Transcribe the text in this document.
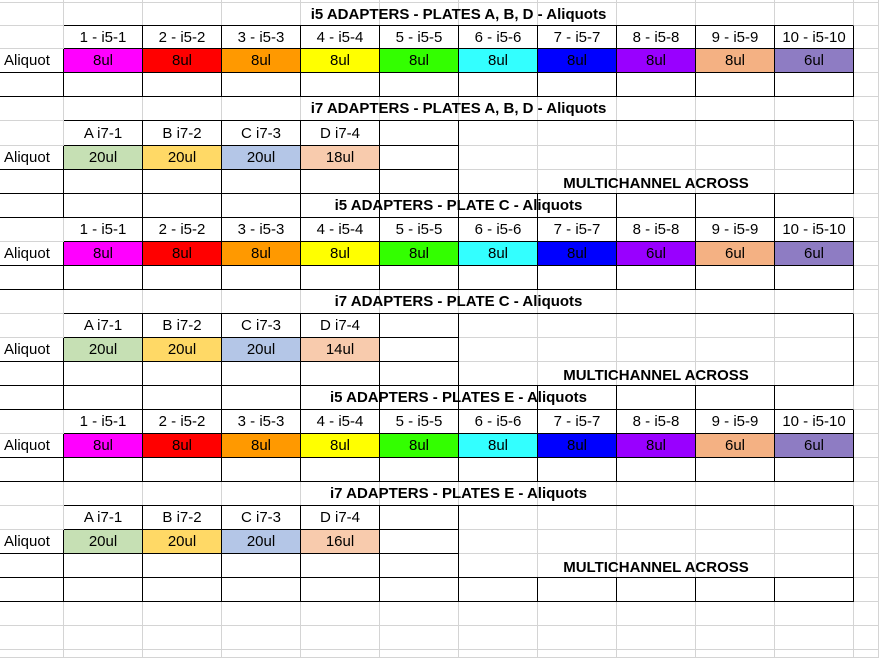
i5 ADAPTERS - PLATES A, B, D - Aliquots
1 - i5-1 2 - i5-2 3 - i5-3 4 - i5-4 5 - i5-5 6 - i5-6 7 - i5-7 8 - i5-8 9 - i5-9 10 - i5-10
Aliquot	8ul	8ul	8ul	8ul	8ul	8ul	8ul	8ul	8ul	6ul
i7 ADAPTERS - PLATES A, B, D - Aliquots
A i7-1	B i7-2	C i7-3	D i7-4
Aliquot	20ul	20ul	20ul	18ul
MULTICHANNEL ACROSS
i5 ADAPTERS - PLATE C - Aliquots
1 - i5-1 2 - i5-2 3 - i5-3 4 - i5-4 5 - i5-5 6 - i5-6 7 - i5-7 8 - i5-8 9 - i5-9 10 - i5-10
Aliquot	8ul	8ul	8ul	8ul	8ul	8ul	8ul	6ul	6ul	6ul
i7 ADAPTERS - PLATE C - Aliquots
A i7-1	B i7-2	C i7-3	D i7-4
Aliquot	20ul	20ul	20ul	14ul
MULTICHANNEL ACROSS
i5 ADAPTERS - PLATES E - Aliquots
1 - i5-1 2 - i5-2 3 - i5-3 4 - i5-4 5 - i5-5 6 - i5-6 7 - i5-7 8 - i5-8 9 - i5-9 10 - i5-10
Aliquot	8ul	8ul	8ul	8ul	8ul	8ul	8ul	8ul	6ul	6ul
i7 ADAPTERS - PLATES E - Aliquots
A i7-1	B i7-2	C i7-3	D i7-4
Aliquot	20ul	20ul	20ul	16ul
MULTICHANNEL ACROSS
